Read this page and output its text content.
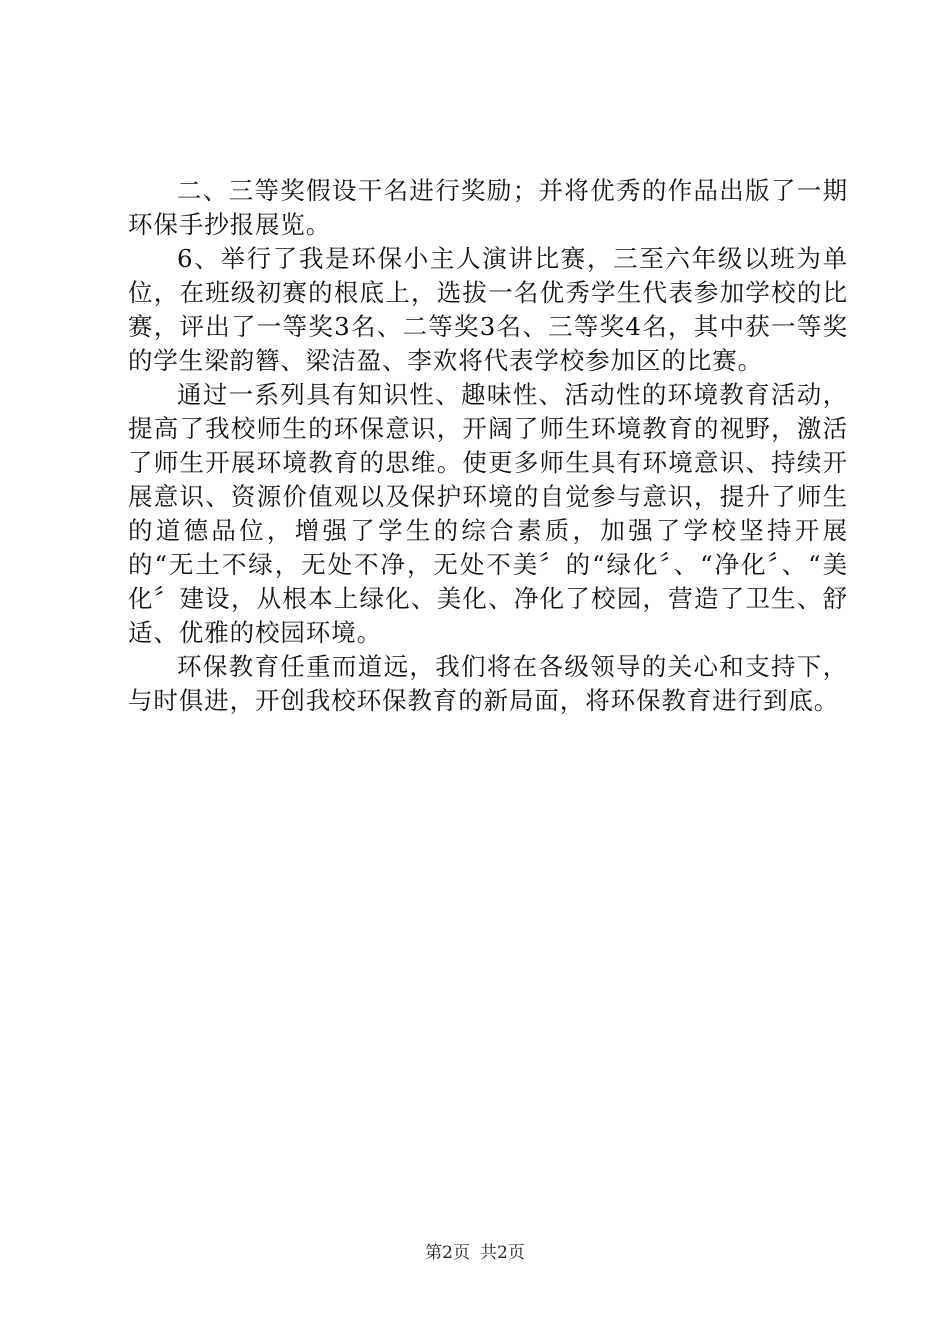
二、三等奖假设干名进行奖励；并将优秀的作品出版了一期环保手抄报展览。

6、举行了我是环保小主人演讲比赛，三至六年级以班为单位，在班级初赛的根底上，选拔一名优秀学生代表参加学校的比赛，评出了一等奖3名、二等奖3名、三等奖4名，其中获一等奖的学生梁韵簪、梁洁盈、李欢将代表学校参加区的比赛。

通过一系列具有知识性、趣味性、活动性的环境教育活动，提高了我校师生的环保意识，开阔了师生环境教育的视野，激活了师生开展环境教育的思维。使更多师生具有环境意识、持续开展意识、资源价值观以及保护环境的自觉参与意识，提升了师生的道德品位，增强了学生的综合素质，加强了学校坚持开展的“无土不绿，无处不净，无处不美〞的“绿化〞、“净化〞、“美化〞建设，从根本上绿化、美化、净化了校园，营造了卫生、舒适、优雅的校园环境。

环保教育任重而道远，我们将在各级领导的关心和支持下，与时俱进，开创我校环保教育的新局面，将环保教育进行到底。

第2页 共2页
